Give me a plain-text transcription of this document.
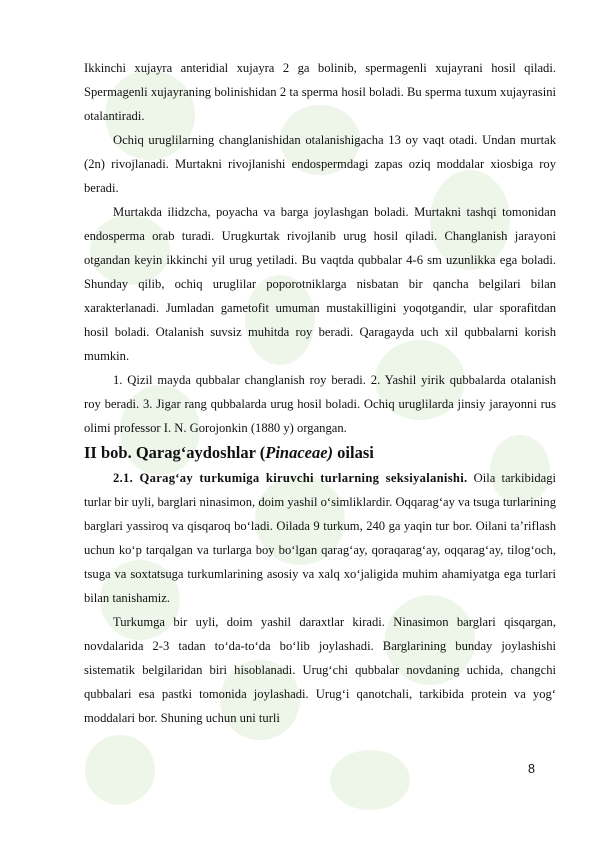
Ikkinchi xujayra anteridial xujayra 2 ga bolinib, spermagenli xujayrani hosil qiladi. Spermagenli xujayraning bolinishidan 2 ta sperma hosil boladi. Bu sperma tuxum xujayrasini otalantiradi.

Ochiq uruglilarning changlanishidan otalanishigacha 13 oy vaqt otadi. Undan murtak (2n) rivojlanadi. Murtakni rivojlanishi endospermdagi zapas oziq moddalar xiosbiga roy beradi.

Murtakda ilidzcha, poyacha va barga joylashgan boladi. Murtakni tashqi tomonidan endosperma orab turadi. Urugkurtak rivojlanib urug hosil qiladi. Changlanish jarayoni otgandan keyin ikkinchi yil urug yetiladi. Bu vaqtda qubbalar 4-6 sm uzunlikka ega boladi. Shunday qilib, ochiq uruglilar poporotniklarga nisbatan bir qancha belgilari bilan xarakterlanadi. Jumladan gametofit umuman mustakilligini yoqotgandir, ular sporafitdan hosil boladi. Otalanish suvsiz muhitda roy beradi. Qaragayda uch xil qubbalarni korish mumkin.

1. Qizil mayda qubbalar changlanish roy beradi. 2. Yashil yirik qubbalarda otalanish roy beradi. 3. Jigar rang qubbalarda urug hosil boladi. Ochiq uruglilarda jinsiy jarayonni rus olimi professor I. N. Gorojonkin (1880 y) organgan.

II bob. Qarag‘aydoshlar (Pinaceae) oilasi

2.1. Qarag‘ay turkumiga kiruvchi turlarning seksiyalanishi. Oila tarkibidagi turlar bir uyli, barglari ninasimon, doim yashil o‘simliklardir. Oqqarag‘ay va tsuga turlarining barglari yassiroq va qisqaroq bo‘ladi. Oilada 9 turkum, 240 ga yaqin tur bor. Oilani ta’riflash uchun ko‘p tarqalgan va turlarga boy bo‘lgan qarag‘ay, qoraqarag‘ay, oqqarag‘ay, tilog‘och, tsuga va soxtatsuga turkumlarining asosiy va xalq xo‘jaligida muhim ahamiyatga ega turlari bilan tanishamiz.

Turkumga bir uyli, doim yashil daraxtlar kiradi. Ninasimon barglari qisqargan, novdalarida 2-3 tadan to‘da-to‘da bo‘lib joylashadi. Barglarining bunday joylashishi sistematik belgilaridan biri hisoblanadi. Urug‘chi qubbalar novdaning uchida, changchi qubbalari esa pastki tomonida joylashadi. Urug‘i qanotchali, tarkibida protein va yog‘ moddalari bor. Shuning uchun uni turli

8
